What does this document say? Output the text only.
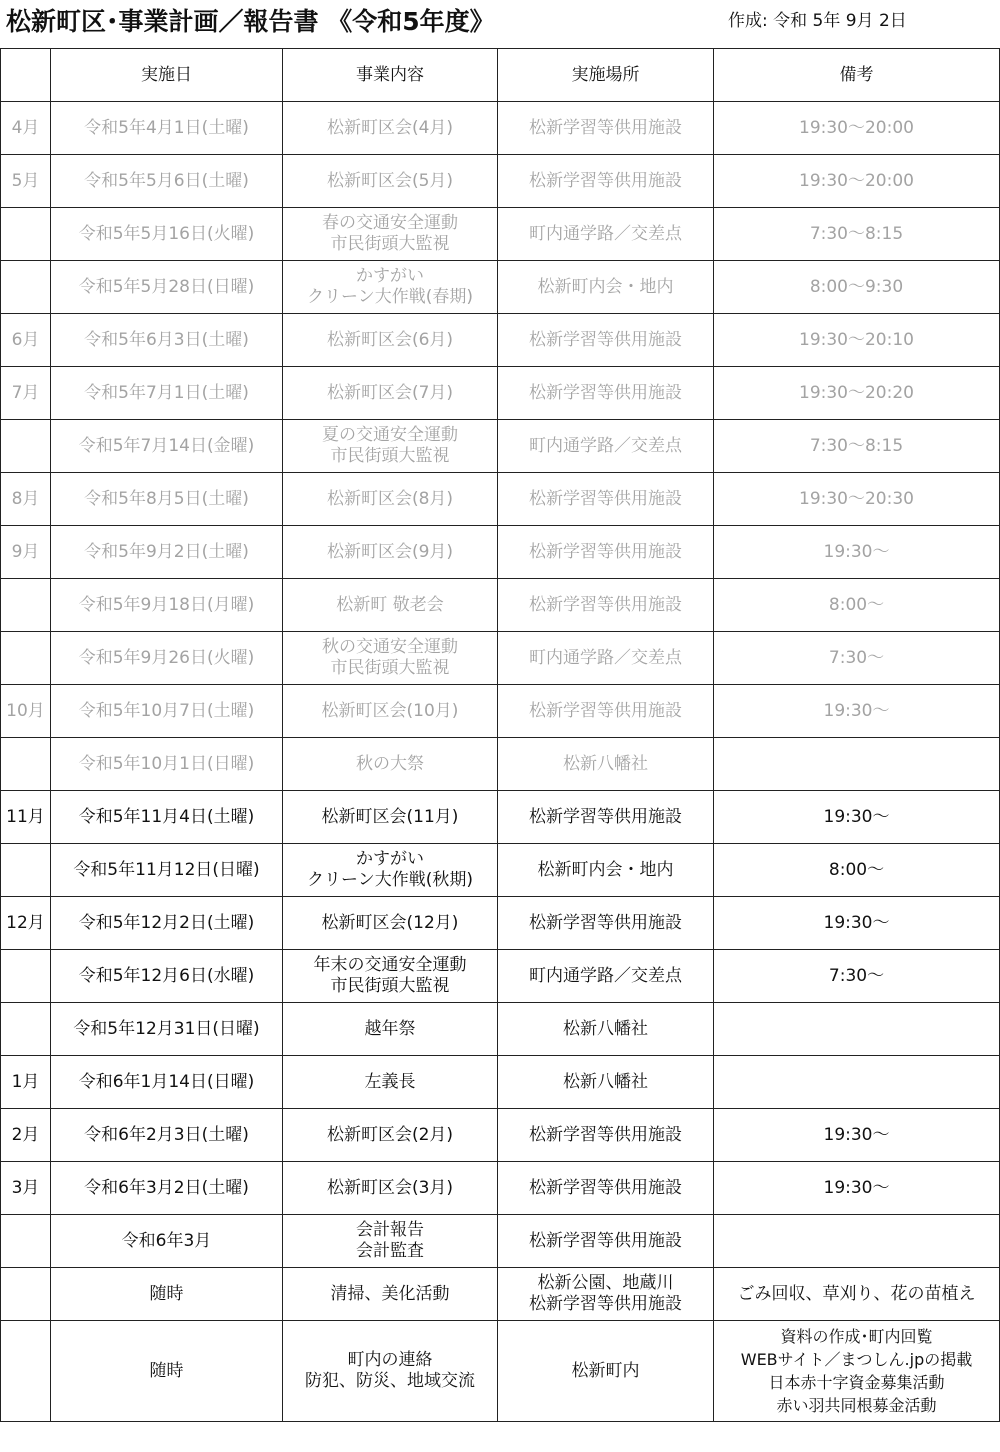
松新町区･事業計画／報告書 《令和5年度》	作成: 令和 5年 9月 2日
	実施日	事業内容	実施場所	備考
4月	令和5年4月1日(土曜)	松新町区会(4月)	松新学習等供用施設	19:30～20:00
5月	令和5年5月6日(土曜)	松新町区会(5月)	松新学習等供用施設	19:30～20:00
	令和5年5月16日(火曜)	春の交通安全運動
市民街頭大監視	町内通学路／交差点	7:30～8:15
	令和5年5月28日(日曜)	かすがい
クリーン大作戦(春期)	松新町内会・地内	8:00～9:30
6月	令和5年6月3日(土曜)	松新町区会(6月)	松新学習等供用施設	19:30～20:10
7月	令和5年7月1日(土曜)	松新町区会(7月)	松新学習等供用施設	19:30～20:20
	令和5年7月14日(金曜)	夏の交通安全運動
市民街頭大監視	町内通学路／交差点	7:30～8:15
8月	令和5年8月5日(土曜)	松新町区会(8月)	松新学習等供用施設	19:30～20:30
9月	令和5年9月2日(土曜)	松新町区会(9月)	松新学習等供用施設	19:30～
	令和5年9月18日(月曜)	松新町 敬老会	松新学習等供用施設	8:00～
	令和5年9月26日(火曜)	秋の交通安全運動
市民街頭大監視	町内通学路／交差点	7:30～
10月	令和5年10月7日(土曜)	松新町区会(10月)	松新学習等供用施設	19:30～
	令和5年10月1日(日曜)	秋の大祭	松新八幡社	
11月	令和5年11月4日(土曜)	松新町区会(11月)	松新学習等供用施設	19:30～
	令和5年11月12日(日曜)	かすがい
クリーン大作戦(秋期)	松新町内会・地内	8:00～
12月	令和5年12月2日(土曜)	松新町区会(12月)	松新学習等供用施設	19:30～
	令和5年12月6日(水曜)	年末の交通安全運動
市民街頭大監視	町内通学路／交差点	7:30～
	令和5年12月31日(日曜)	越年祭	松新八幡社	
1月	令和6年1月14日(日曜)	左義長	松新八幡社	
2月	令和6年2月3日(土曜)	松新町区会(2月)	松新学習等供用施設	19:30～
3月	令和6年3月2日(土曜)	松新町区会(3月)	松新学習等供用施設	19:30～
	令和6年3月	会計報告
会計監査	松新学習等供用施設	
	随時	清掃、美化活動	松新公園、地蔵川
松新学習等供用施設	ごみ回収、草刈り、花の苗植え
	随時	町内の連絡
防犯、防災、地域交流	松新町内	資料の作成･町内回覧
WEBサイト／まつしん.jpの掲載
日本赤十字資金募集活動
赤い羽共同根募金活動
